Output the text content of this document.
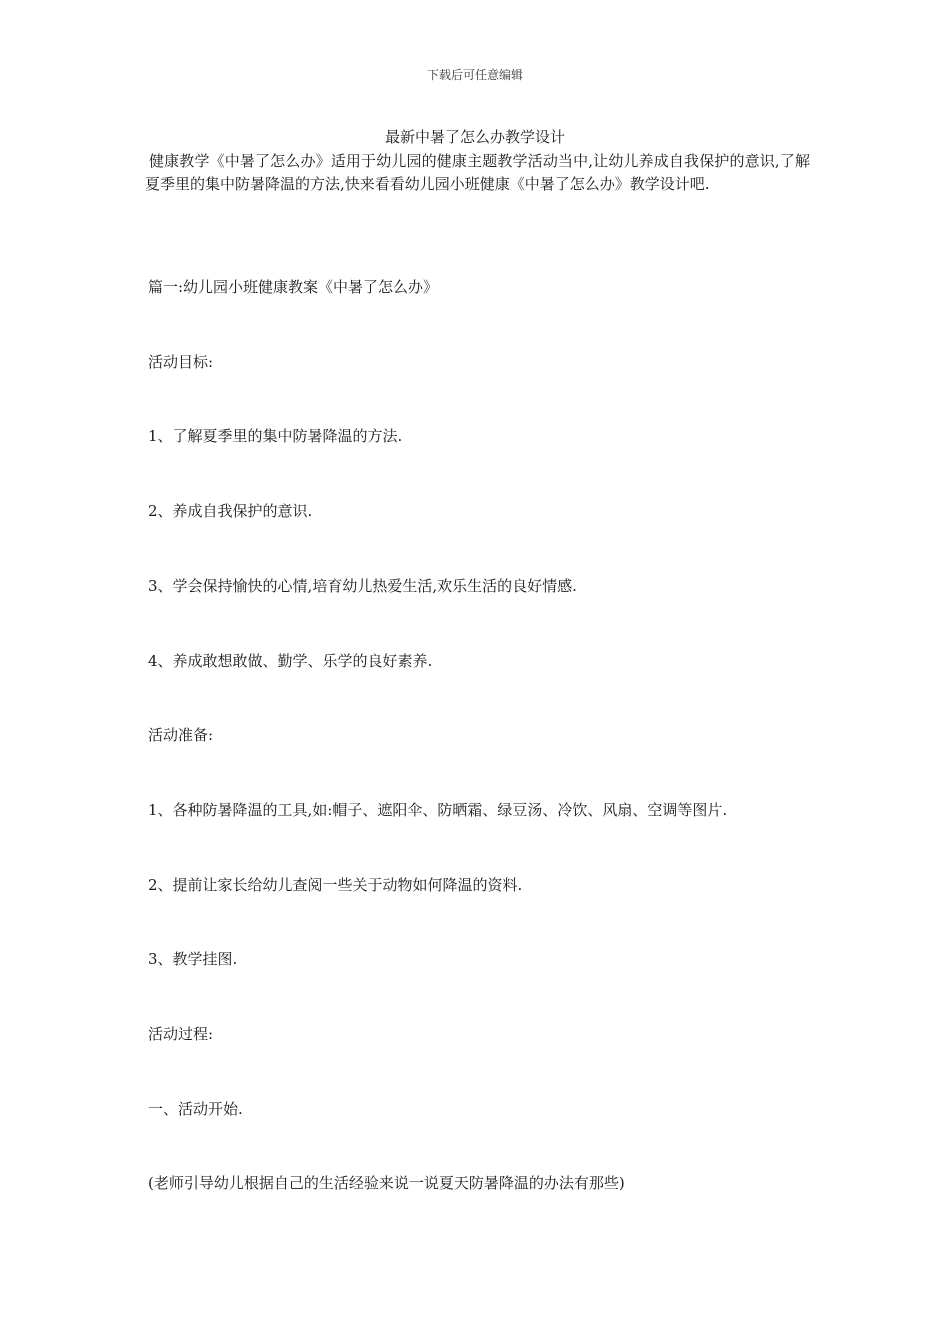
下载后可任意编辑
最新中暑了怎么办教学设计
健康教学《中暑了怎么办》适用于幼儿园的健康主题教学活动当中,让幼儿养成自我保护的意识,了解夏季里的集中防暑降温的方法,快来看看幼儿园小班健康《中暑了怎么办》教学设计吧.
篇一:幼儿园小班健康教案《中暑了怎么办》
活动目标:
1、了解夏季里的集中防暑降温的方法.
2、养成自我保护的意识.
3、学会保持愉快的心情,培育幼儿热爱生活,欢乐生活的良好情感.
4、养成敢想敢做、勤学、乐学的良好素养.
活动准备:
1、各种防暑降温的工具,如:帽子、遮阳伞、防晒霜、绿豆汤、冷饮、风扇、空调等图片.
2、提前让家长给幼儿查阅一些关于动物如何降温的资料.
3、教学挂图.
活动过程:
一、活动开始.
(老师引导幼儿根据自己的生活经验来说一说夏天防暑降温的办法有那些)
